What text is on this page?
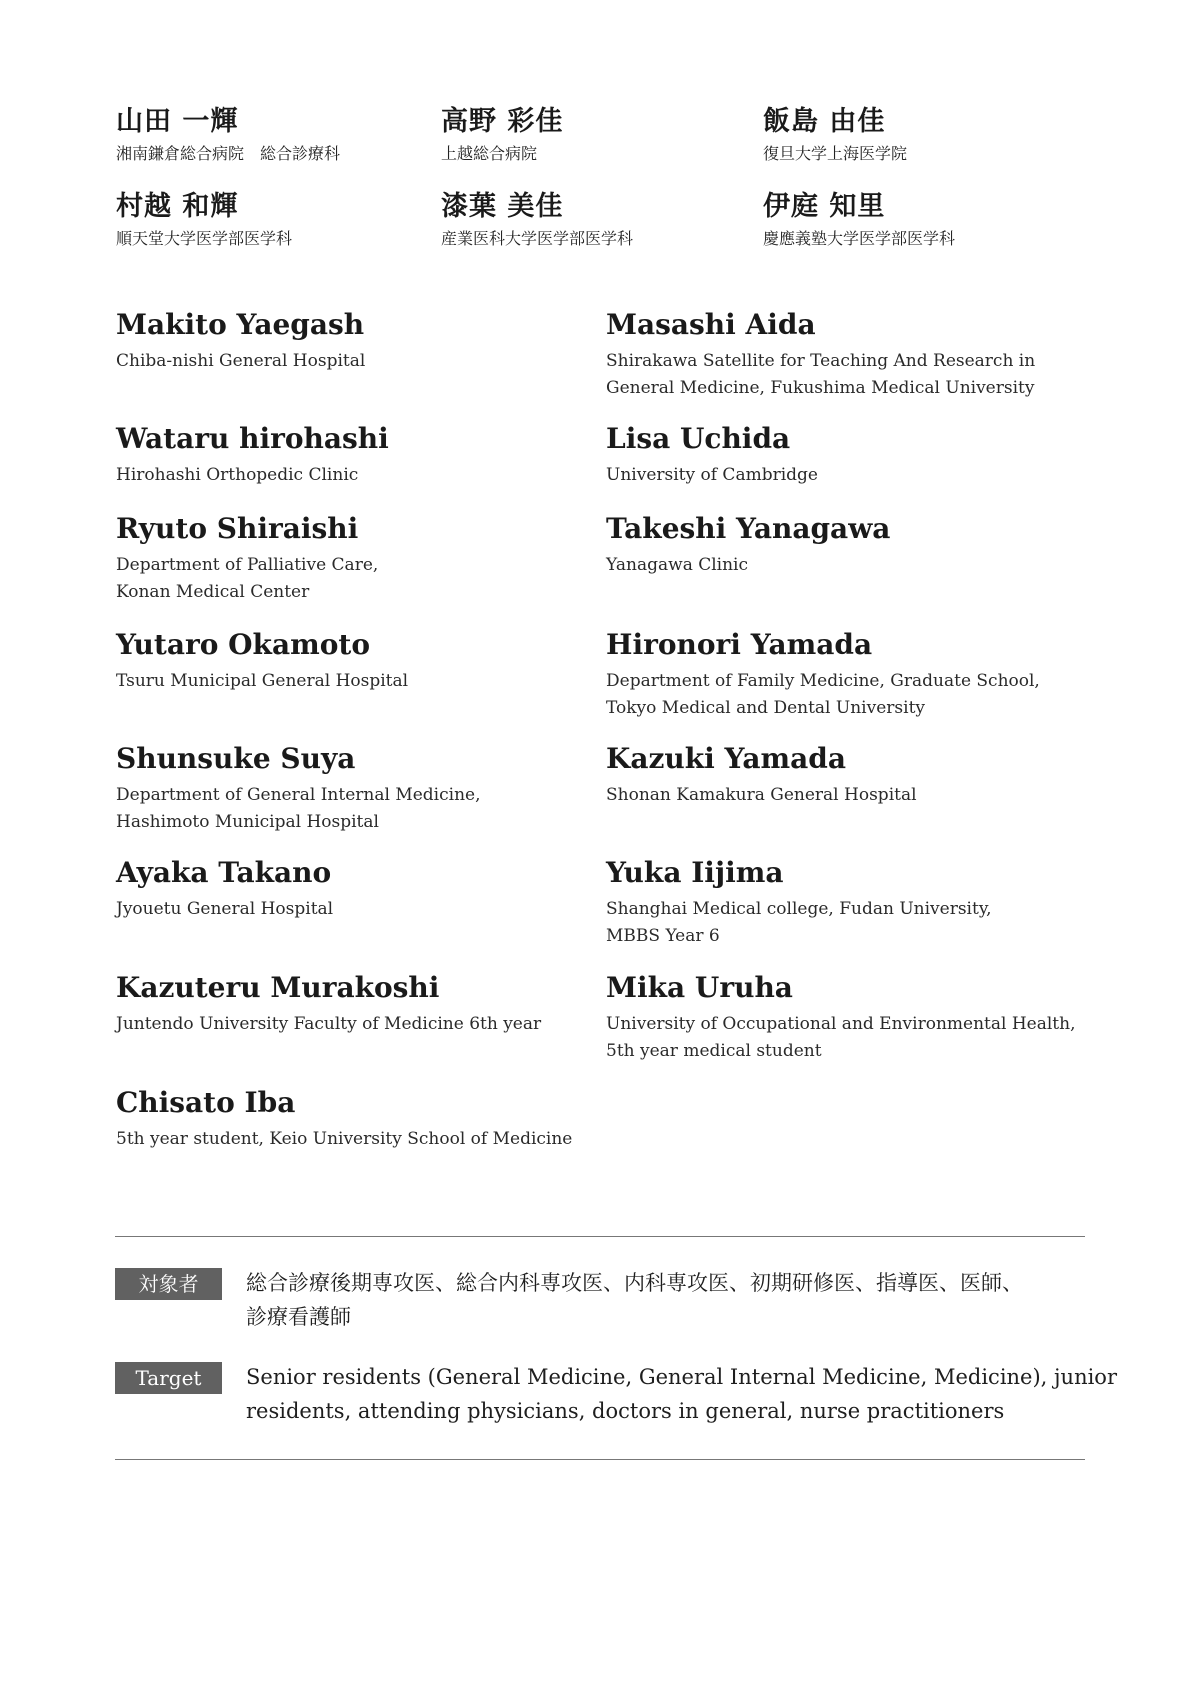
山田 一輝
湘南鎌倉総合病院　総合診療科
高野 彩佳
上越総合病院
飯島 由佳
復旦大学上海医学院
村越 和輝
順天堂大学医学部医学科
漆葉 美佳
産業医科大学医学部医学科
伊庭 知里
慶應義塾大学医学部医学科
Makito Yaegash
Chiba-nishi General Hospital
Wataru hirohashi
Hirohashi Orthopedic Clinic
Ryuto Shiraishi
Department of Palliative Care,
Konan Medical Center
Yutaro Okamoto
Tsuru Municipal General Hospital
Shunsuke Suya
Department of General Internal Medicine,
Hashimoto Municipal Hospital
Ayaka Takano
Jyouetu General Hospital
Kazuteru Murakoshi
Juntendo University Faculty of Medicine 6th year
Chisato Iba
5th year student, Keio University School of Medicine
Masashi Aida
Shirakawa Satellite for Teaching And Research in
General Medicine, Fukushima Medical University
Lisa Uchida
University of Cambridge
Takeshi Yanagawa
Yanagawa Clinic
Hironori Yamada
Department of Family Medicine, Graduate School,
Tokyo Medical and Dental University
Kazuki Yamada
Shonan Kamakura General Hospital
Yuka Iijima
Shanghai Medical college, Fudan University,
MBBS Year 6
Mika Uruha
University of Occupational and Environmental Health,
5th year medical student
対象者	総合診療後期専攻医、総合内科専攻医、内科専攻医、初期研修医、指導医、医師、
診療看護師
Target	Senior residents (General Medicine, General Internal Medicine, Medicine), junior
residents, attending physicians, doctors in general, nurse practitioners
